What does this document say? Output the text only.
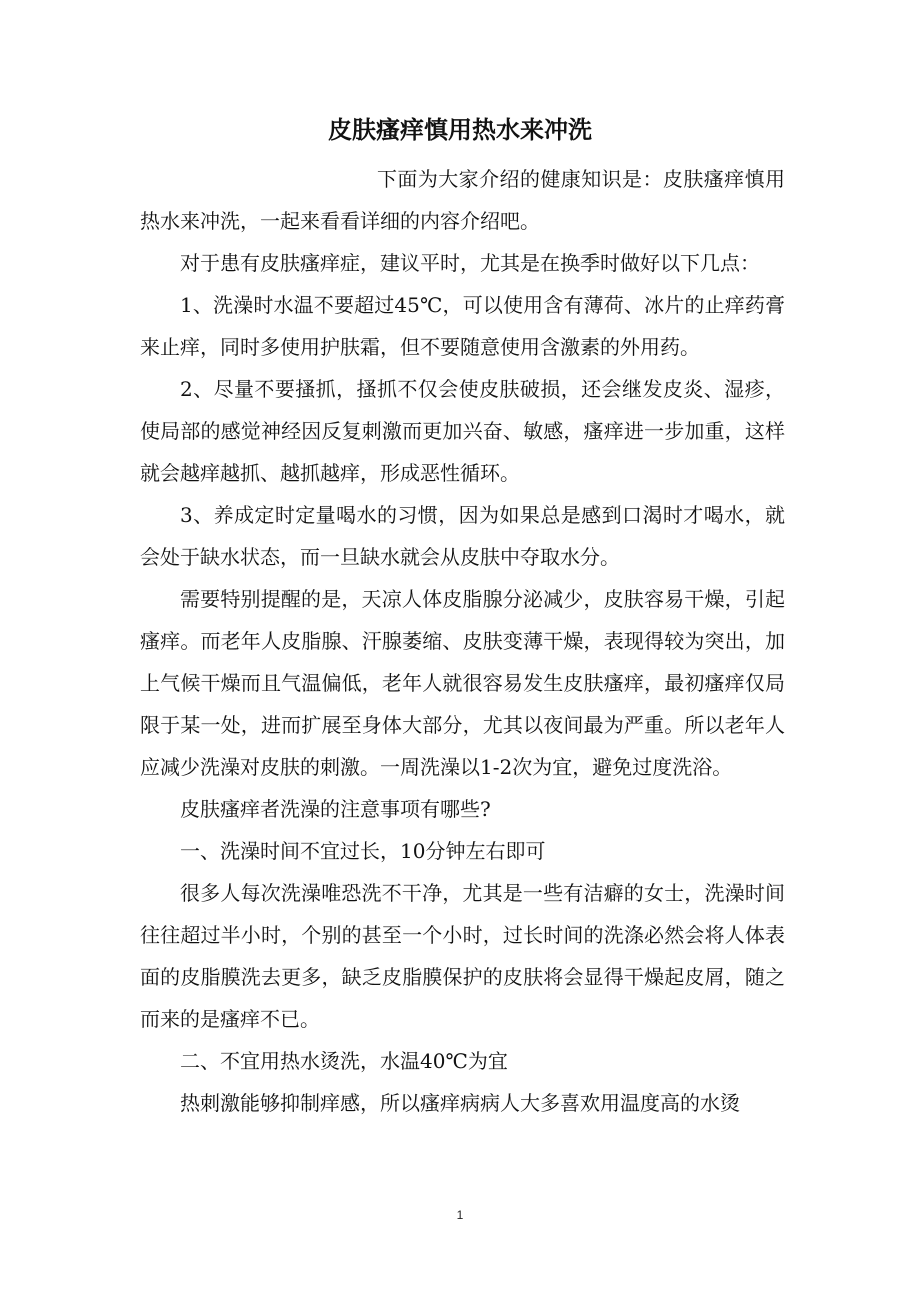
皮肤瘙痒慎用热水来冲洗

下面为大家介绍的健康知识是：皮肤瘙痒慎用热水来冲洗，一起来看看详细的内容介绍吧。

对于患有皮肤瘙痒症，建议平时，尤其是在换季时做好以下几点：

1、洗澡时水温不要超过45℃，可以使用含有薄荷、冰片的止痒药膏来止痒，同时多使用护肤霜，但不要随意使用含激素的外用药。

2、尽量不要搔抓，搔抓不仅会使皮肤破损，还会继发皮炎、湿疹，使局部的感觉神经因反复刺激而更加兴奋、敏感，瘙痒进一步加重，这样就会越痒越抓、越抓越痒，形成恶性循环。

3、养成定时定量喝水的习惯，因为如果总是感到口渴时才喝水，就会处于缺水状态，而一旦缺水就会从皮肤中夺取水分。

需要特别提醒的是，天凉人体皮脂腺分泌减少，皮肤容易干燥，引起瘙痒。而老年人皮脂腺、汗腺萎缩、皮肤变薄干燥，表现得较为突出，加上气候干燥而且气温偏低，老年人就很容易发生皮肤瘙痒，最初瘙痒仅局限于某一处，进而扩展至身体大部分，尤其以夜间最为严重。所以老年人应减少洗澡对皮肤的刺激。一周洗澡以1-2次为宜，避免过度洗浴。

皮肤瘙痒者洗澡的注意事项有哪些?

一、洗澡时间不宜过长，10分钟左右即可

很多人每次洗澡唯恐洗不干净，尤其是一些有洁癖的女士，洗澡时间往往超过半小时，个别的甚至一个小时，过长时间的洗涤必然会将人体表面的皮脂膜洗去更多，缺乏皮脂膜保护的皮肤将会显得干燥起皮屑，随之而来的是瘙痒不已。

二、不宜用热水烫洗，水温40℃为宜

热刺激能够抑制痒感，所以瘙痒病病人大多喜欢用温度高的水烫

1
